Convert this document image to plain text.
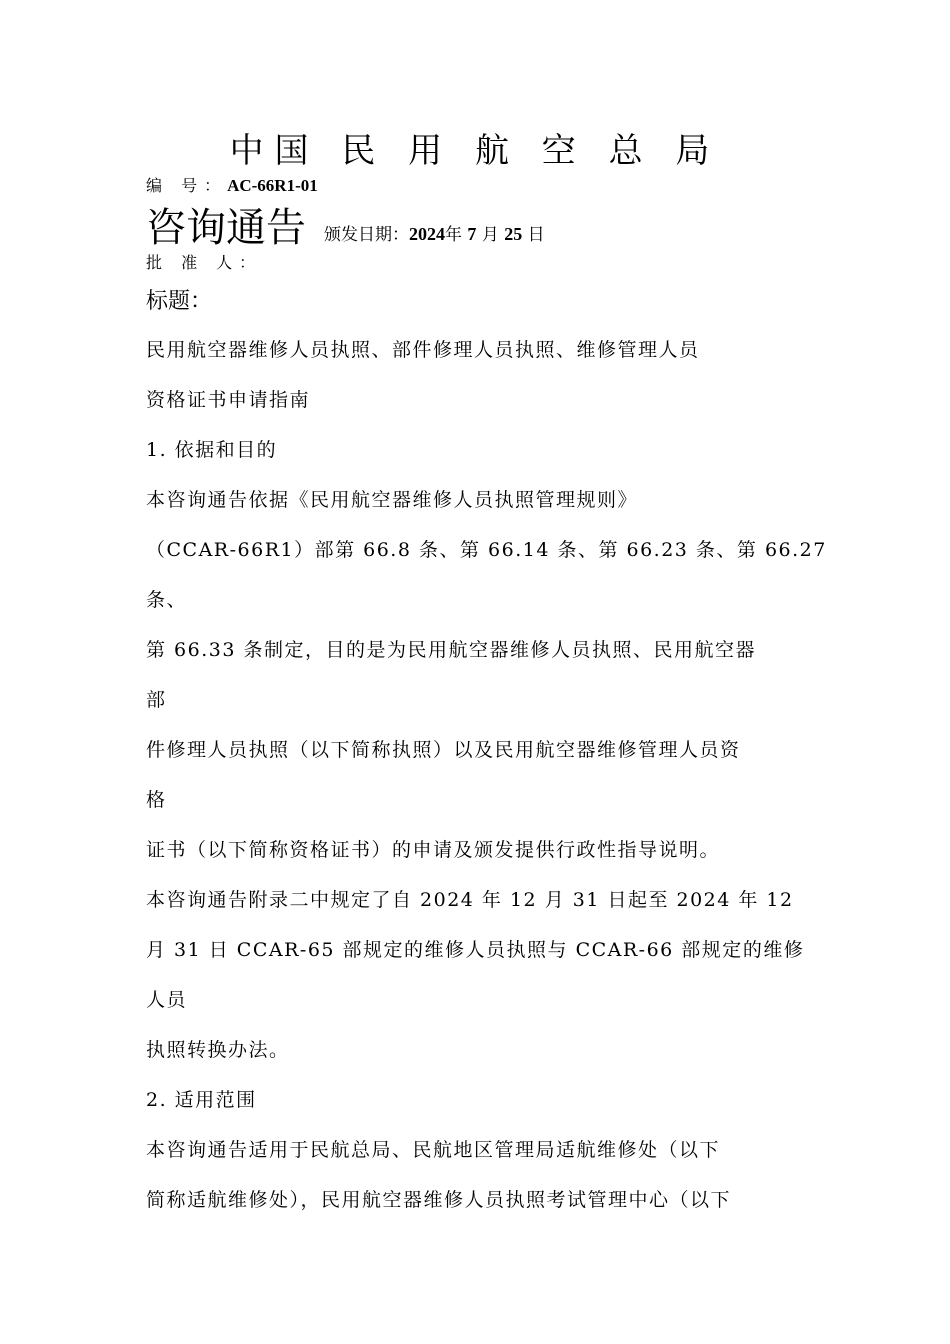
中国 民 用 航 空 总 局
编 号：AC-66R1-01
咨询通告 颁发日期：2024年 7 月 25 日
批 准 人：
标题：
民用航空器维修人员执照、部件修理人员执照、维修管理人员
资格证书申请指南
1. 依据和目的
本咨询通告依据《民用航空器维修人员执照管理规则》
（CCAR-66R1）部第 66.8 条、第 66.14 条、第 66.23 条、第 66.27
条、
第 66.33 条制定，目的是为民用航空器维修人员执照、民用航空器
部
件修理人员执照（以下简称执照）以及民用航空器维修管理人员资
格
证书（以下简称资格证书）的申请及颁发提供行政性指导说明。
本咨询通告附录二中规定了自 2024 年 12 月 31 日起至 2024 年 12
月 31 日 CCAR-65 部规定的维修人员执照与 CCAR-66 部规定的维修
人员
执照转换办法。
2. 适用范围
本咨询通告适用于民航总局、民航地区管理局适航维修处（以下
简称适航维修处），民用航空器维修人员执照考试管理中心（以下
